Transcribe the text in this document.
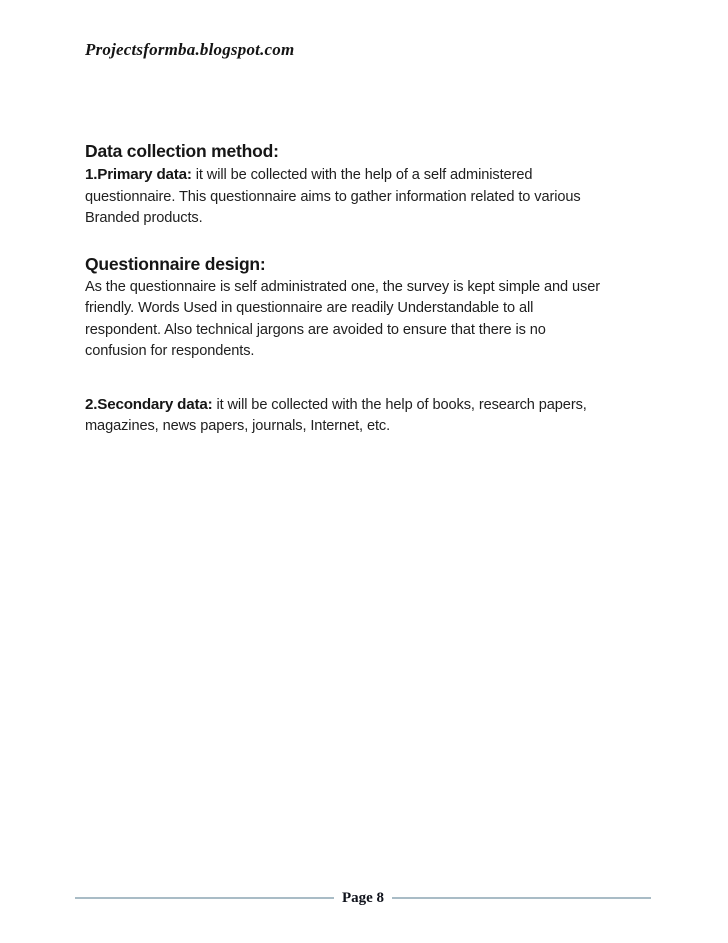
Projectsformba.blogspot.com
Data collection method:
1.Primary data: it will be collected with the help of a self administered
questionnaire. This questionnaire aims to gather information related to various
Branded products.
Questionnaire design:
As the questionnaire is self administrated one, the survey is kept simple and user
friendly. Words Used in questionnaire are readily Understandable to all
respondent. Also technical jargons are avoided to ensure that there is no
confusion for respondents.
2.Secondary data: it will be collected with the help of books, research papers,
magazines, news papers, journals, Internet, etc.
Page 8
